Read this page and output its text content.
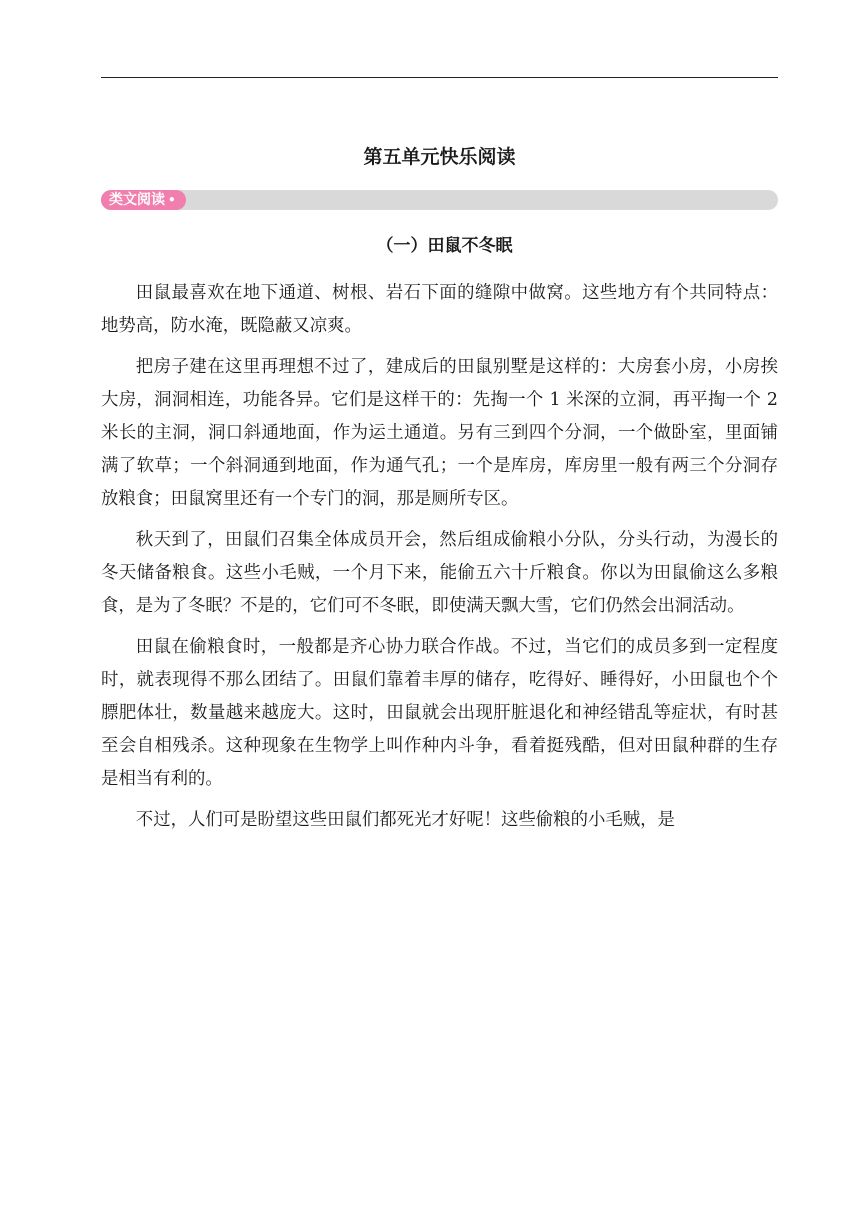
第五单元快乐阅读
类文阅读 •
（一）田鼠不冬眠

田鼠最喜欢在地下通道、树根、岩石下面的缝隙中做窝。这些地方有个共同特点：地势高，防水淹，既隐蔽又凉爽。

把房子建在这里再理想不过了，建成后的田鼠别墅是这样的：大房套小房，小房挨大房，洞洞相连，功能各异。它们是这样干的：先掏一个 1 米深的立洞，再平掏一个 2 米长的主洞，洞口斜通地面，作为运土通道。另有三到四个分洞，一个做卧室，里面铺满了软草；一个斜洞通到地面，作为通气孔；一个是库房，库房里一般有两三个分洞存放粮食；田鼠窝里还有一个专门的洞，那是厕所专区。

秋天到了，田鼠们召集全体成员开会，然后组成偷粮小分队，分头行动，为漫长的冬天储备粮食。这些小毛贼，一个月下来，能偷五六十斤粮食。你以为田鼠偷这么多粮食，是为了冬眠？不是的，它们可不冬眠，即使满天飘大雪，它们仍然会出洞活动。

田鼠在偷粮食时，一般都是齐心协力联合作战。不过，当它们的成员多到一定程度时，就表现得不那么团结了。田鼠们靠着丰厚的储存，吃得好、睡得好，小田鼠也个个膘肥体壮，数量越来越庞大。这时，田鼠就会出现肝脏退化和神经错乱等症状，有时甚至会自相残杀。这种现象在生物学上叫作种内斗争，看着挺残酷，但对田鼠种群的生存是相当有利的。

不过，人们可是盼望这些田鼠们都死光才好呢！这些偷粮的小毛贼，是
